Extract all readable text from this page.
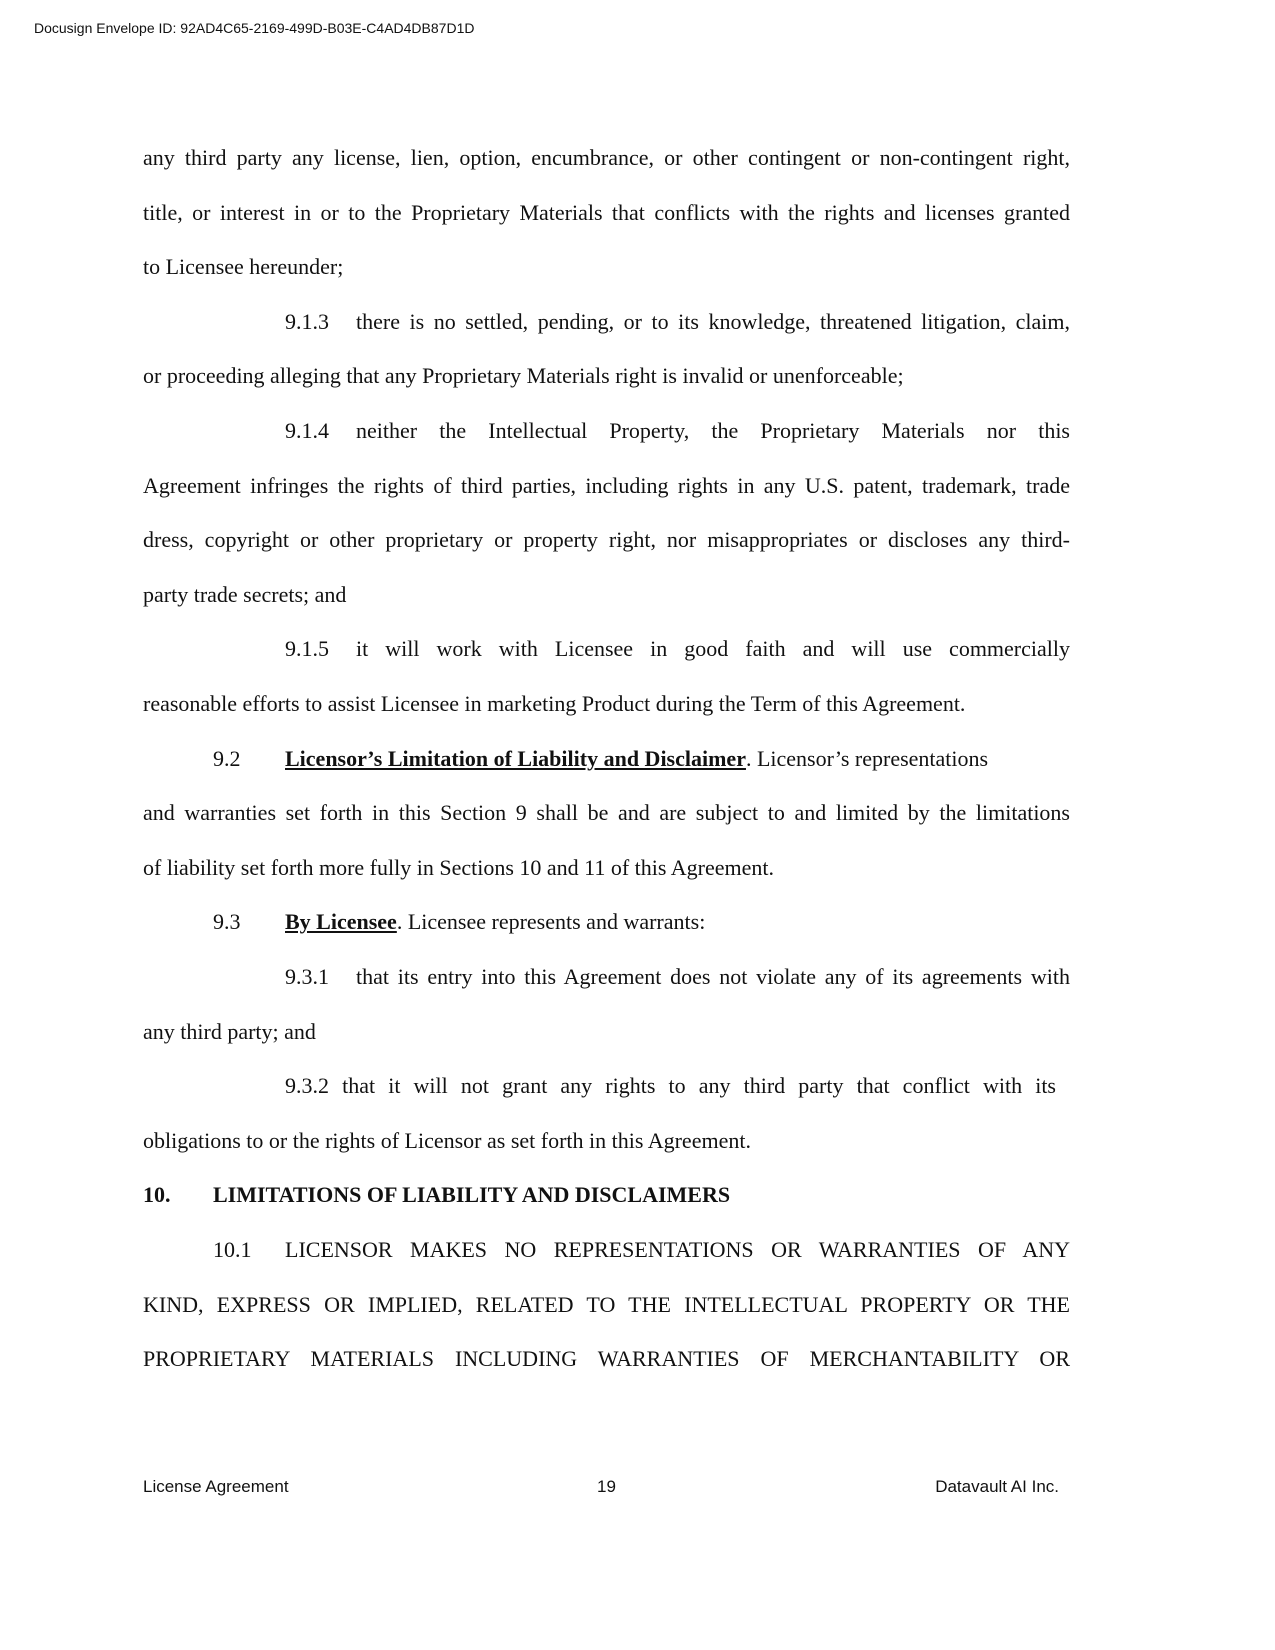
Docusign Envelope ID: 92AD4C65-2169-499D-B03E-C4AD4DB87D1D
any third party any license, lien, option, encumbrance, or other contingent or non-contingent right,
title, or interest in or to the Proprietary Materials that conflicts with the rights and licenses granted
to Licensee hereunder;
9.1.3 there is no settled, pending, or to its knowledge, threatened litigation, claim,
or proceeding alleging that any Proprietary Materials right is invalid or unenforceable;
9.1.4 neither the Intellectual Property, the Proprietary Materials nor this
Agreement infringes the rights of third parties, including rights in any U.S. patent, trademark, trade
dress, copyright or other proprietary or property right, nor misappropriates or discloses any third-
party trade secrets; and
9.1.5 it will work with Licensee in good faith and will use commercially
reasonable efforts to assist Licensee in marketing Product during the Term of this Agreement.
9.2 Licensor’s Limitation of Liability and Disclaimer. Licensor’s representations
and warranties set forth in this Section 9 shall be and are subject to and limited by the limitations
of liability set forth more fully in Sections 10 and 11 of this Agreement.
9.3 By Licensee. Licensee represents and warrants:
9.3.1 that its entry into this Agreement does not violate any of its agreements with
any third party; and
9.3.2 that it will not grant any rights to any third party that conflict with its
obligations to or the rights of Licensor as set forth in this Agreement.
10. LIMITATIONS OF LIABILITY AND DISCLAIMERS
10.1 LICENSOR MAKES NO REPRESENTATIONS OR WARRANTIES OF ANY
KIND, EXPRESS OR IMPLIED, RELATED TO THE INTELLECTUAL PROPERTY OR THE
PROPRIETARY MATERIALS INCLUDING WARRANTIES OF MERCHANTABILITY OR
License Agreement	19	Datavault AI Inc.
